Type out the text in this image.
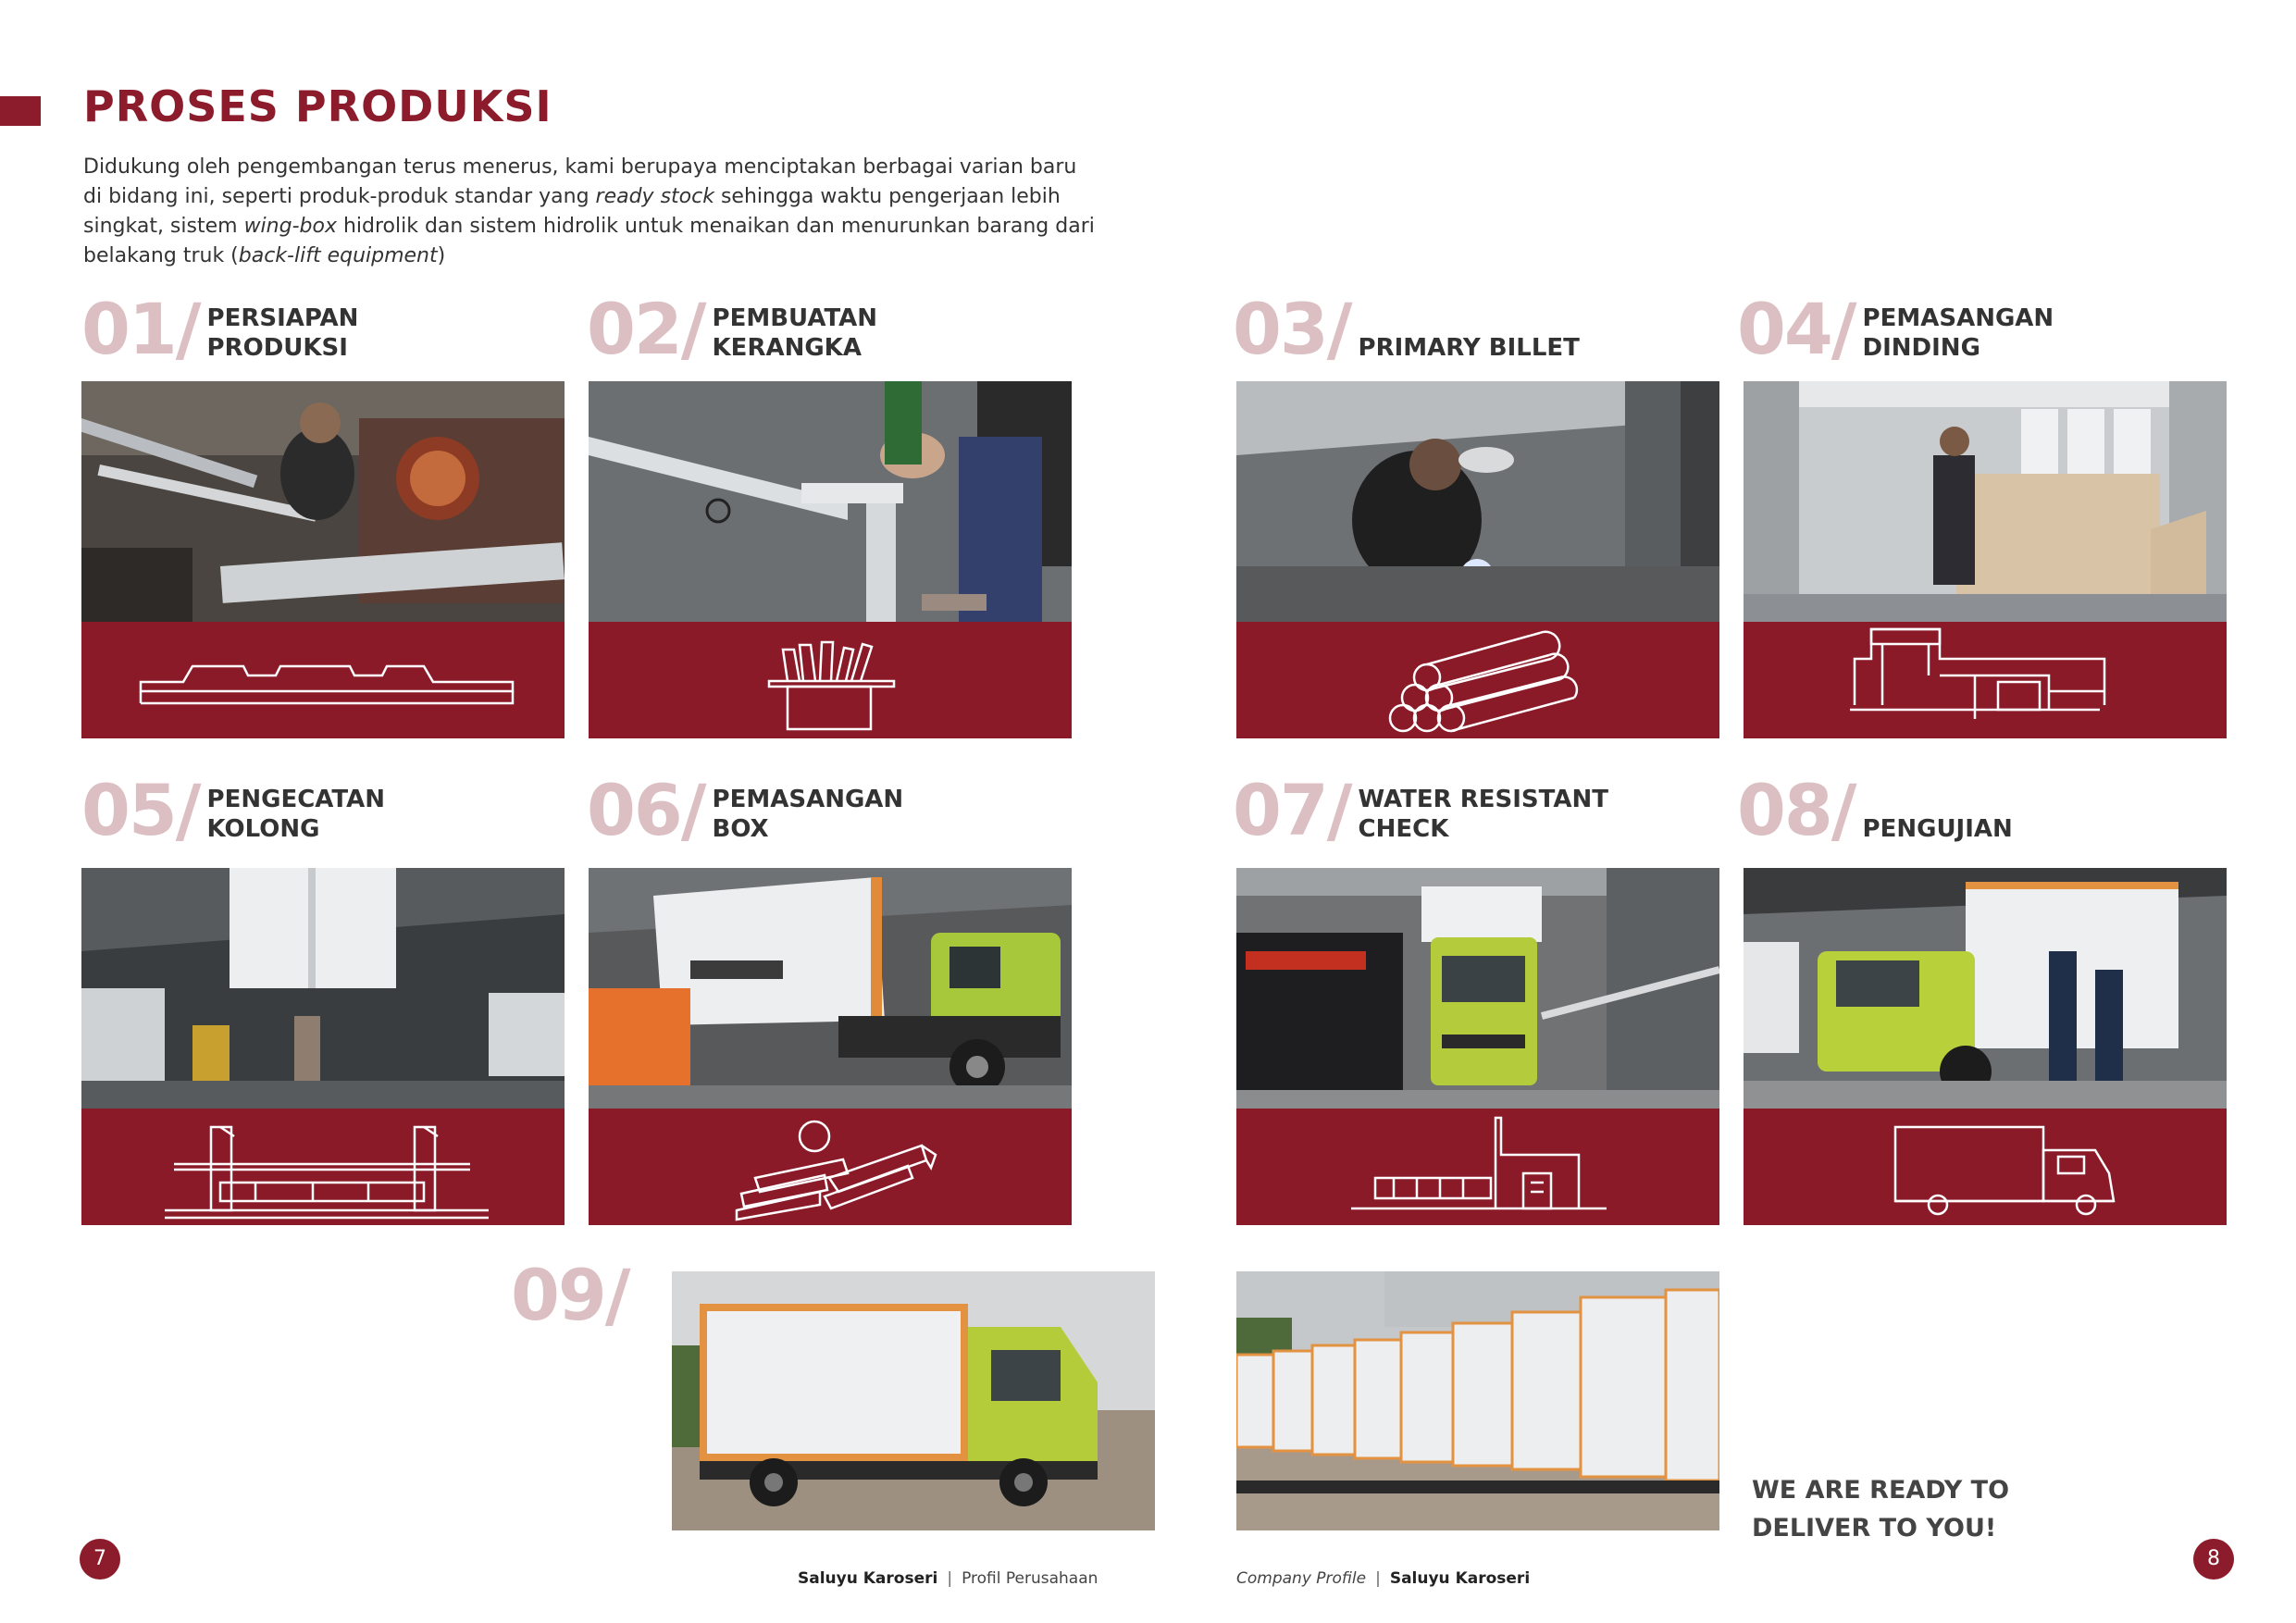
PROSES PRODUKSI

Didukung oleh pengembangan terus menerus, kami berupaya menciptakan berbagai varian baru di bidang ini, seperti produk-produk standar yang ready stock sehingga waktu pengerjaan lebih singkat, sistem wing-box hidrolik dan sistem hidrolik untuk menaikan dan menurunkan barang dari belakang truk (back-lift equipment)

01/ PERSIAPAN
PRODUKSI	02/ PEMBUATAN
KERANGKA	03/ PRIMARY BILLET 04/ PEMASANGAN
DINDING
05/ PENGECATAN
KOLONG	06/ PEMASANGAN
BOX	07/ WATER RESISTANT
CHECK	08/ PENGUJIAN
09/
WE ARE READY TO
DELIVER TO YOU!
7	8
Saluyu Karoseri | Profil Perusahaan	Company Profile | Saluyu Karoseri
